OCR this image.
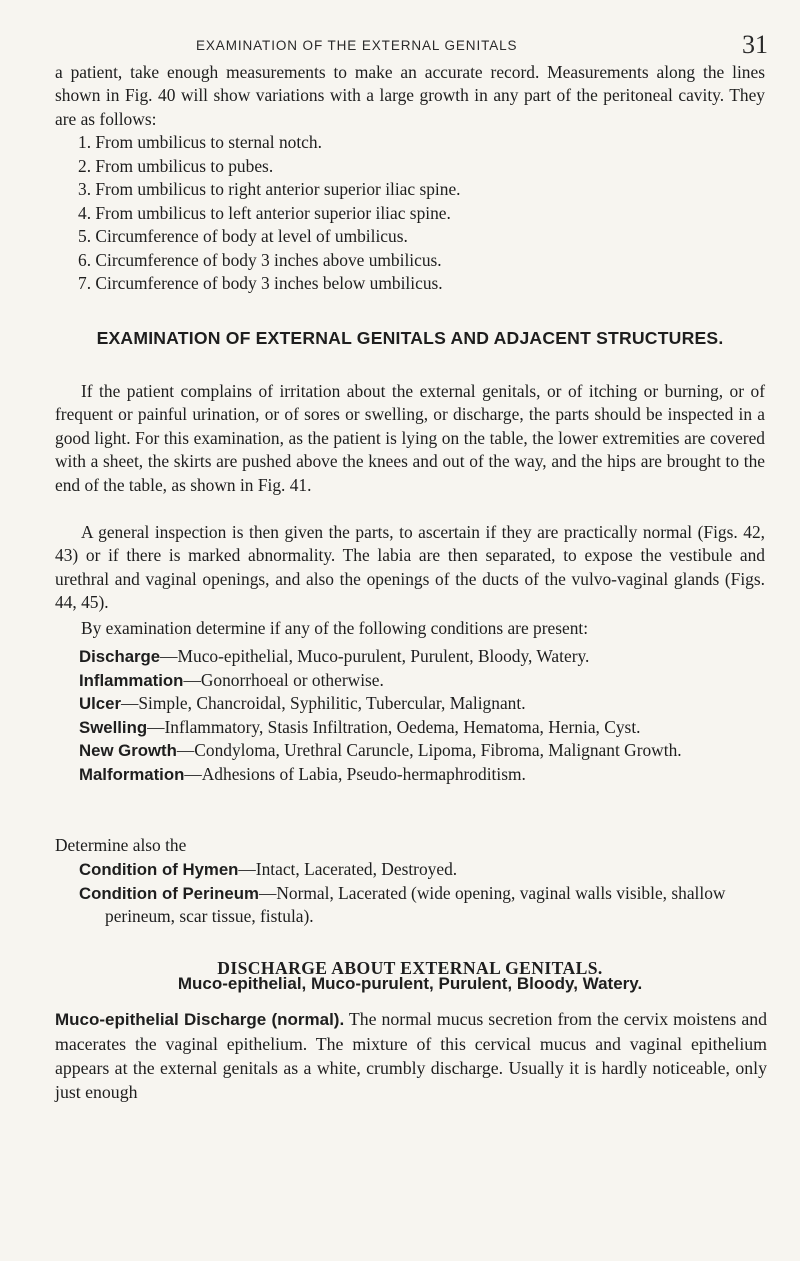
EXAMINATION OF THE EXTERNAL GENITALS	31

a patient, take enough measurements to make an accurate record. Measurements along the lines shown in Fig. 40 will show variations with a large growth in any part of the peritoneal cavity. They are as follows:

1. From umbilicus to sternal notch.
2. From umbilicus to pubes.
3. From umbilicus to right anterior superior iliac spine.
4. From umbilicus to left anterior superior iliac spine.
5. Circumference of body at level of umbilicus.
6. Circumference of body 3 inches above umbilicus.
7. Circumference of body 3 inches below umbilicus.
EXAMINATION OF EXTERNAL GENITALS AND ADJACENT STRUCTURES.

If the patient complains of irritation about the external genitals, or of itching or burning, or of frequent or painful urination, or of sores or swelling, or discharge, the parts should be inspected in a good light. For this examination, as the patient is lying on the table, the lower extremities are covered with a sheet, the skirts are pushed above the knees and out of the way, and the hips are brought to the end of the table, as shown in Fig. 41.

A general inspection is then given the parts, to ascertain if they are practically normal (Figs. 42, 43) or if there is marked abnormality. The labia are then separated, to expose the vestibule and urethral and vaginal openings, and also the openings of the ducts of the vulvo-vaginal glands (Figs. 44, 45).

By examination determine if any of the following conditions are present:

Discharge—Muco-epithelial, Muco-purulent, Purulent, Bloody, Watery.
Inflammation—Gonorrhoeal or otherwise.
Ulcer—Simple, Chancroidal, Syphilitic, Tubercular, Malignant.
Swelling—Inflammatory, Stasis Infiltration, Oedema, Hematoma, Hernia, Cyst.
New Growth—Condyloma, Urethral Caruncle, Lipoma, Fibroma, Malignant Growth.
Malformation—Adhesions of Labia, Pseudo-hermaphroditism.
Determine also the
Condition of Hymen—Intact, Lacerated, Destroyed.
Condition of Perineum—Normal, Lacerated (wide opening, vaginal walls visible, shallow perineum, scar tissue, fistula).
DISCHARGE ABOUT EXTERNAL GENITALS.
Muco-epithelial, Muco-purulent, Purulent, Bloody, Watery.

Muco-epithelial Discharge (normal). The normal mucus secretion from the cervix moistens and macerates the vaginal epithelium. The mixture of this cervical mucus and vaginal epithelium appears at the external genitals as a white, crumbly discharge. Usually it is hardly noticeable, only just enough
